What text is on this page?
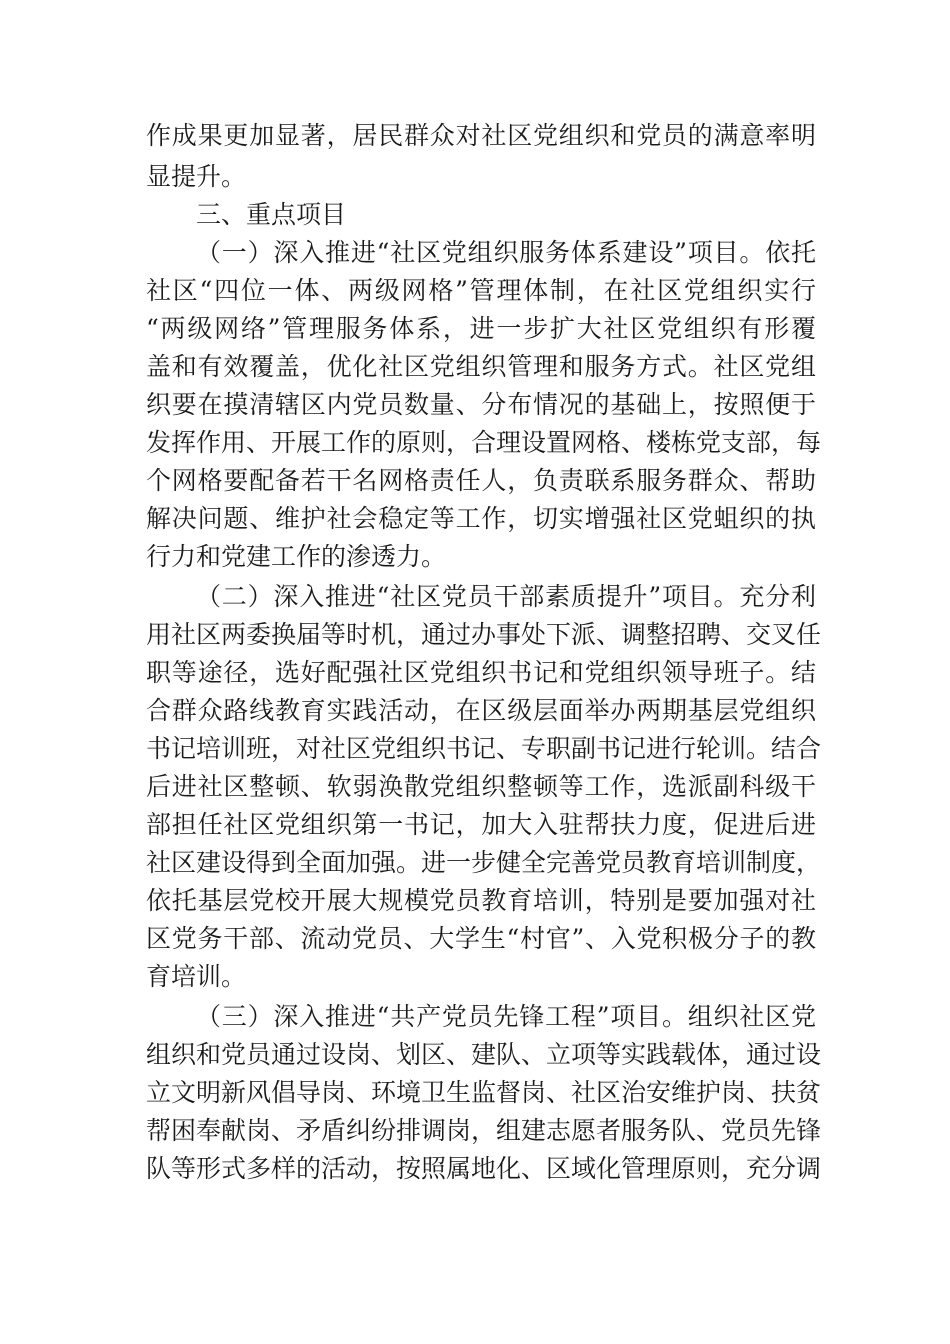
作成果更加显著，居民群众对社区党组织和党员的满意率明
显提升。
三、重点项目
（一）深入推进“社区党组织服务体系建设”项目。依托
社区“四位一体、两级网格”管理体制，在社区党组织实行
“两级网络”管理服务体系，进一步扩大社区党组织有形覆
盖和有效覆盖，优化社区党组织管理和服务方式。社区党组
织要在摸清辖区内党员数量、分布情况的基础上，按照便于
发挥作用、开展工作的原则，合理设置网格、楼栋党支部，每
个网格要配备若干名网格责任人，负责联系服务群众、帮助
解决问题、维护社会稳定等工作，切实增强社区党蛆织的执
行力和党建工作的渗透力。
（二）深入推进“社区党员干部素质提升”项目。充分利
用社区两委换届等时机，通过办事处下派、调整招聘、交叉任
职等途径，选好配强社区党组织书记和党组织领导班子。结
合群众路线教育实践活动，在区级层面举办两期基层党组织
书记培训班，对社区党组织书记、专职副书记进行轮训。结合
后进社区整顿、软弱涣散党组织整顿等工作，选派副科级干
部担任社区党组织第一书记，加大入驻帮扶力度，促进后进
社区建设得到全面加强。进一步健全完善党员教育培训制度，
依托基层党校开展大规模党员教育培训，特别是要加强对社
区党务干部、流动党员、大学生“村官”、入党积极分子的教
育培训。
（三）深入推进“共产党员先锋工程”项目。组织社区党
组织和党员通过设岗、划区、建队、立项等实践载体，通过设
立文明新风倡导岗、环境卫生监督岗、社区治安维护岗、扶贫
帮困奉献岗、矛盾纠纷排调岗，组建志愿者服务队、党员先锋
队等形式多样的活动，按照属地化、区域化管理原则，充分调
